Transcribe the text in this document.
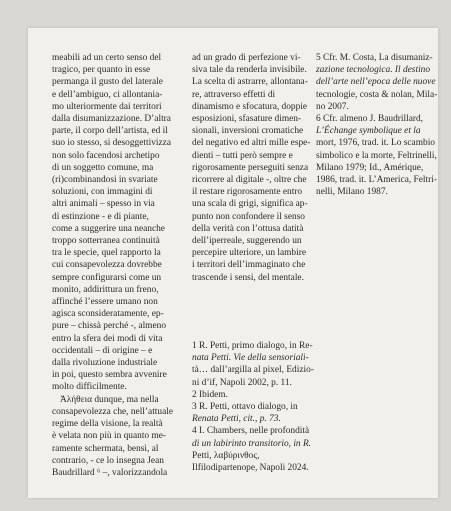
meabili ad un certo senso del
tragico, per quanto in esse
permanga il gusto del laterale
e dell’ambiguo, ci allontania-
mo ulteriormente dai territori
dalla disumanizzazione. D’altra
parte, il corpo dell’artista, ed il
suo io stesso, si desoggettivizza
non solo facendosi archetipo
di un soggetto comune, ma
(ri)combinandosi in svariate
soluzioni, con immagini di
altri animali – spesso in via
di estinzione - e di piante,
come a suggerire una neanche
troppo sotterranea continuità
tra le specie, quel rapporto la
cui consapevolezza dovrebbe
sempre configurarsi come un
monito, addirittura un freno,
affinché l’essere umano non
agisca sconsideratamente, ep-
pure – chissà perché -, almeno
entro la sfera dei modi di vita
occidentali – di origine – e
dalla rivoluzione industriale
in poi, questo sembra avvenire
molto difficilmente.
Ἀλήθεια dunque, ma nella
consapevolezza che, nell’attuale
regime della visione, la realtà
è velata non più in quanto me-
ramente schermata, bensì, al
contrario, - ce lo insegna Jean
Baudrillard ⁶ –, valorizzandola
ad un grado di perfezione vi-
siva tale da renderla invisibile.
La scelta di astrarre, allontana-
re, attraverso effetti di
dinamismo e sfocatura, doppie
esposizioni, sfasature dimen-
sionali, inversioni cromatiche
del negativo ed altri mille espe-
dienti – tutti però sempre e
rigorosamente perseguiti senza
ricorrere al digitale -, oltre che
il restare rigorosamente entro
una scala di grigi, significa ap-
punto non confondere il senso
della verità con l’ottusa datità
dell’iperreale, suggerendo un
percepire ulteriore, un lambire
i territori dell’immaginato che
trascende i sensi, del mentale.
1 R. Petti, primo dialogo, in Re-
nata Petti. Vie della sensoriali-
tà… dall’argilla al pixel, Edizio-
ni d’if, Napoli 2002, p. 11.
2 Ibidem.
3 R. Petti, ottavo dialogo, in
Renata Petti, cit., p. 73.
4 I. Chambers, nelle profondità
di un labirinto transitorio, in R.
Petti, λαβύρινθος,
Ilfilodipartenope, Napoli 2024.
5 Cfr. M. Costa, La disumaniz-
zazione tecnologica. Il destino
dell’arte nell’epoca delle nuove
tecnologie, costa & nolan, Mila-
no 2007.
6 Cfr. almeno J. Baudrillard,
L’Échange symbolique et la
mort, 1976, trad. it. Lo scambio
simbolico e la morte, Feltrinelli,
Milano 1979; Id., Amérique,
1986, trad. it. L’America, Feltri-
nelli, Milano 1987.
